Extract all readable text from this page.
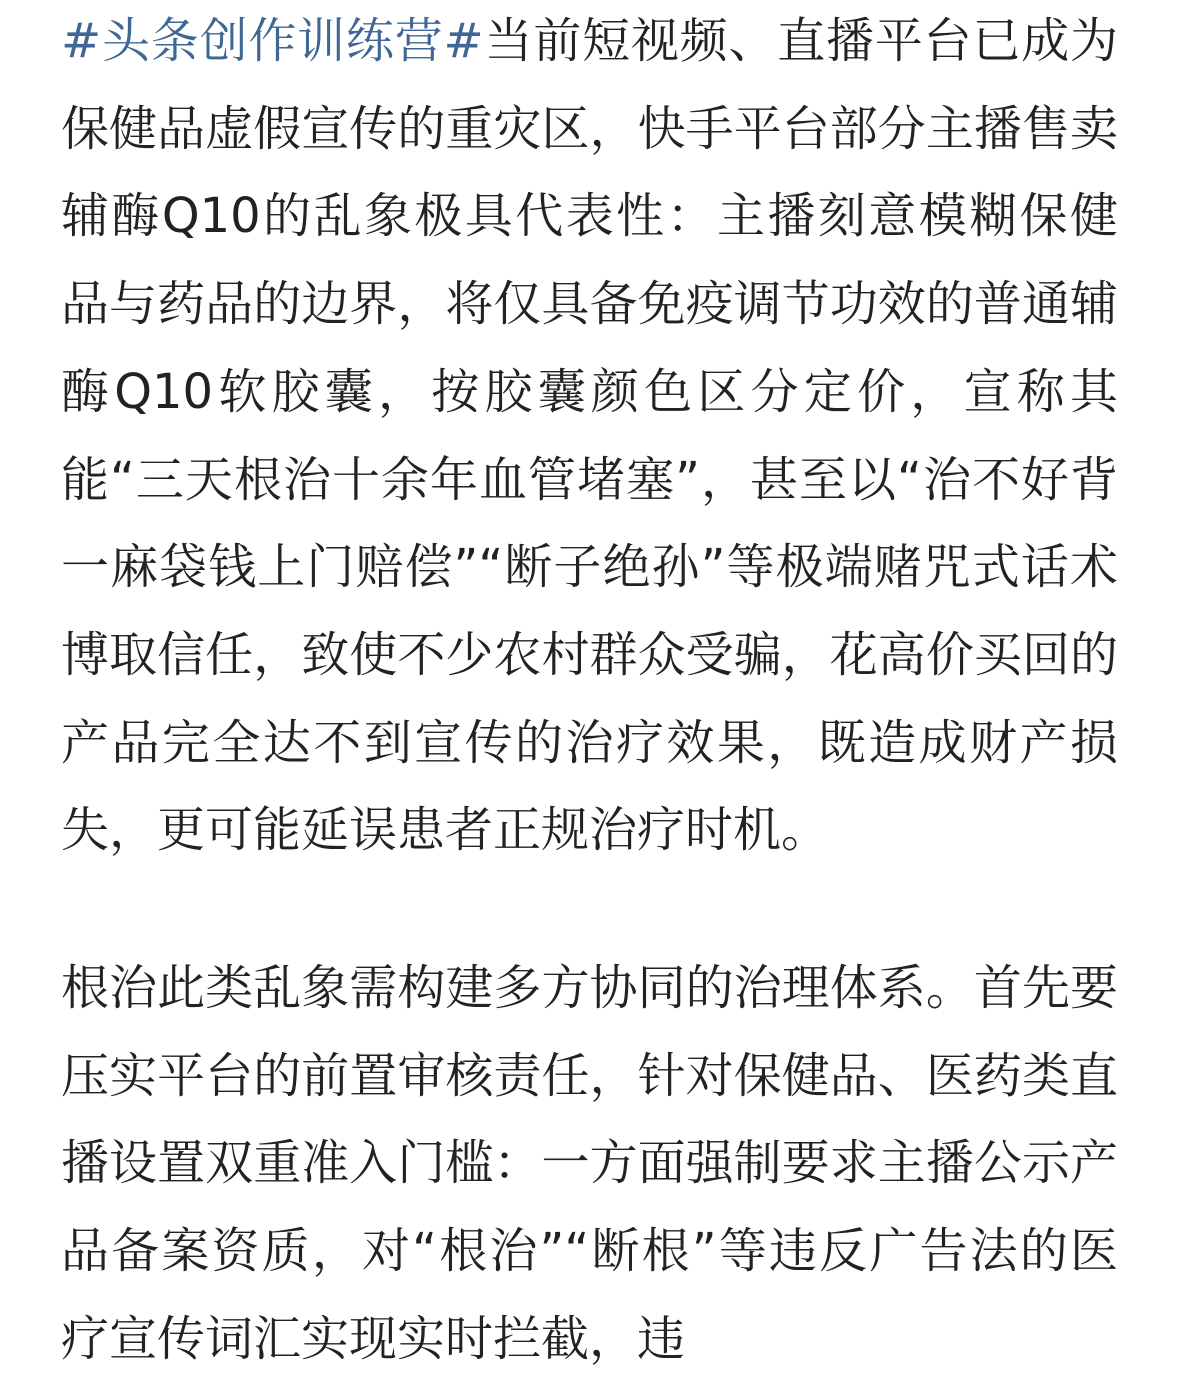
#头条创作训练营#当前短视频、直播平台已成为保健品虚假宣传的重灾区，快手平台部分主播售卖辅酶Q10的乱象极具代表性：主播刻意模糊保健品与药品的边界，将仅具备免疫调节功效的普通辅酶Q10软胶囊，按胶囊颜色区分定价，宣称其能“三天根治十余年血管堵塞”，甚至以“治不好背一麻袋钱上门赔偿”“断子绝孙”等极端赌咒式话术博取信任，致使不少农村群众受骗，花高价买回的产品完全达不到宣传的治疗效果，既造成财产损失，更可能延误患者正规治疗时机。

根治此类乱象需构建多方协同的治理体系。首先要压实平台的前置审核责任，针对保健品、医药类直播设置双重准入门槛：一方面强制要求主播公示产品备案资质，对“根治”“断根”等违反广告法的医疗宣传词汇实现实时拦截，违
